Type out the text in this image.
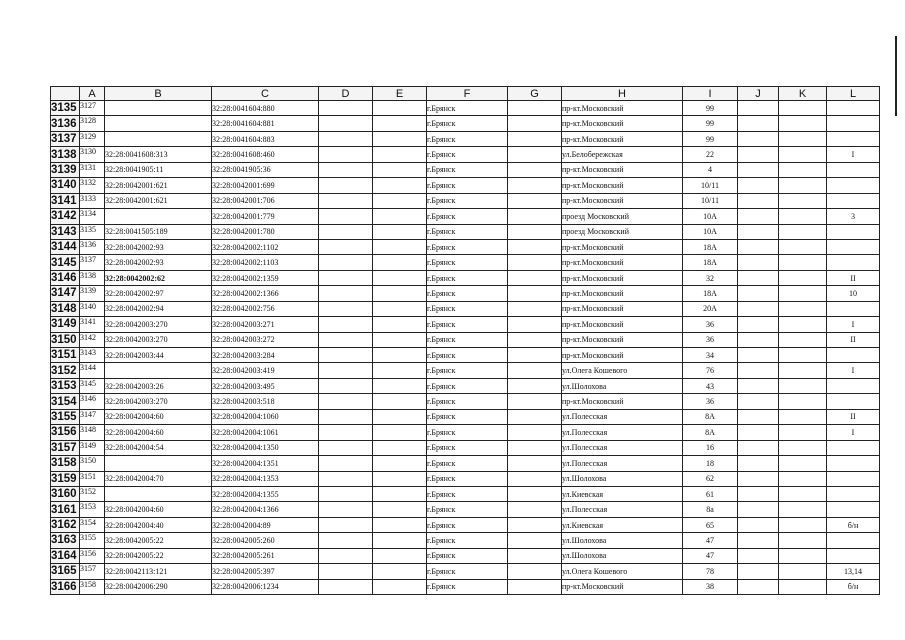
	A	B	C	D	E	F	G	H	I	J	K	L
3135	3127		32:28:0041604:880			г.Брянск		пр-кт.Московский	99			
3136	3128		32:28:0041604:881			г.Брянск		пр-кт.Московский	99			
3137	3129		32:28:0041604:883			г.Брянск		пр-кт.Московский	99			
3138	3130	32:28:0041608:313	32:28:0041608:460			г.Брянск		ул.Белобережская	22			I
3139	3131	32:28:0041905:11	32:28:0041905:36			г.Брянск		пр-кт.Московский	4			
3140	3132	32:28:0042001:621	32:28:0042001:699			г.Брянск		пр-кт.Московский	10/11			
3141	3133	32:28:0042001:621	32:28:0042001:706			г.Брянск		пр-кт.Московский	10/11			
3142	3134		32:28:0042001:779			г.Брянск		проезд Московский	10А			3
3143	3135	32:28:0041505:189	32:28:0042001:780			г.Брянск		проезд Московский	10А			
3144	3136	32:28:0042002:93	32:28:0042002:1102			г.Брянск		пр-кт.Московский	18А			
3145	3137	32:28:0042002:93	32:28:0042002:1103			г.Брянск		пр-кт.Московский	18А			
3146	3138	32:28:0042002:62	32:28:0042002:1359			г.Брянск		пр-кт.Московский	32			II
3147	3139	32:28:0042002:97	32:28:0042002:1366			г.Брянск		пр-кт.Московский	18А			10
3148	3140	32:28:0042002:94	32:28:0042002:756			г.Брянск		пр-кт.Московский	20А			
3149	3141	32:28:0042003:270	32:28:0042003:271			г.Брянск		пр-кт.Московский	36			I
3150	3142	32:28:0042003:270	32:28:0042003:272			г.Брянск		пр-кт.Московский	36			II
3151	3143	32:28:0042003:44	32:28:0042003:284			г.Брянск		пр-кт.Московский	34			
3152	3144		32:28:0042003:419			г.Брянск		ул.Олега Кошевого	76			I
3153	3145	32:28:0042003:26	32:28:0042003:495			г.Брянск		ул.Шолохова	43			
3154	3146	32:28:0042003:270	32:28:0042003:518			г.Брянск		пр-кт.Московский	36			
3155	3147	32:28:0042004:60	32:28:0042004:1060			г.Брянск		ул.Полесская	8А			II
3156	3148	32:28:0042004:60	32:28:0042004:1061			г.Брянск		ул.Полесская	8А			I
3157	3149	32:28:0042004:54	32:28:0042004:1350			г.Брянск		ул.Полесская	16			
3158	3150		32:28:0042004:1351			г.Брянск		ул.Полесская	18			
3159	3151	32:28:0042004:70	32:28:0042004:1353			г.Брянск		ул.Шолохова	62			
3160	3152		32:28:0042004:1355			г.Брянск		ул.Киевская	61			
3161	3153	32:28:0042004:60	32:28:0042004:1366			г.Брянск		ул.Полесская	8а			
3162	3154	32:28:0042004:40	32:28:0042004:89			г.Брянск		ул.Киевская	65			б/н
3163	3155	32:28:0042005:22	32:28:0042005:260			г.Брянск		ул.Шолохова	47			
3164	3156	32:28:0042005:22	32:28:0042005:261			г.Брянск		ул.Шолохова	47			
3165	3157	32:28:0042113:121	32:28:0042005:397			г.Брянск		ул.Олега Кошевого	78			13,14
3166	3158	32:28:0042006:290	32:28:0042006:1234			г.Брянск		пр-кт.Московский	38			б/н
